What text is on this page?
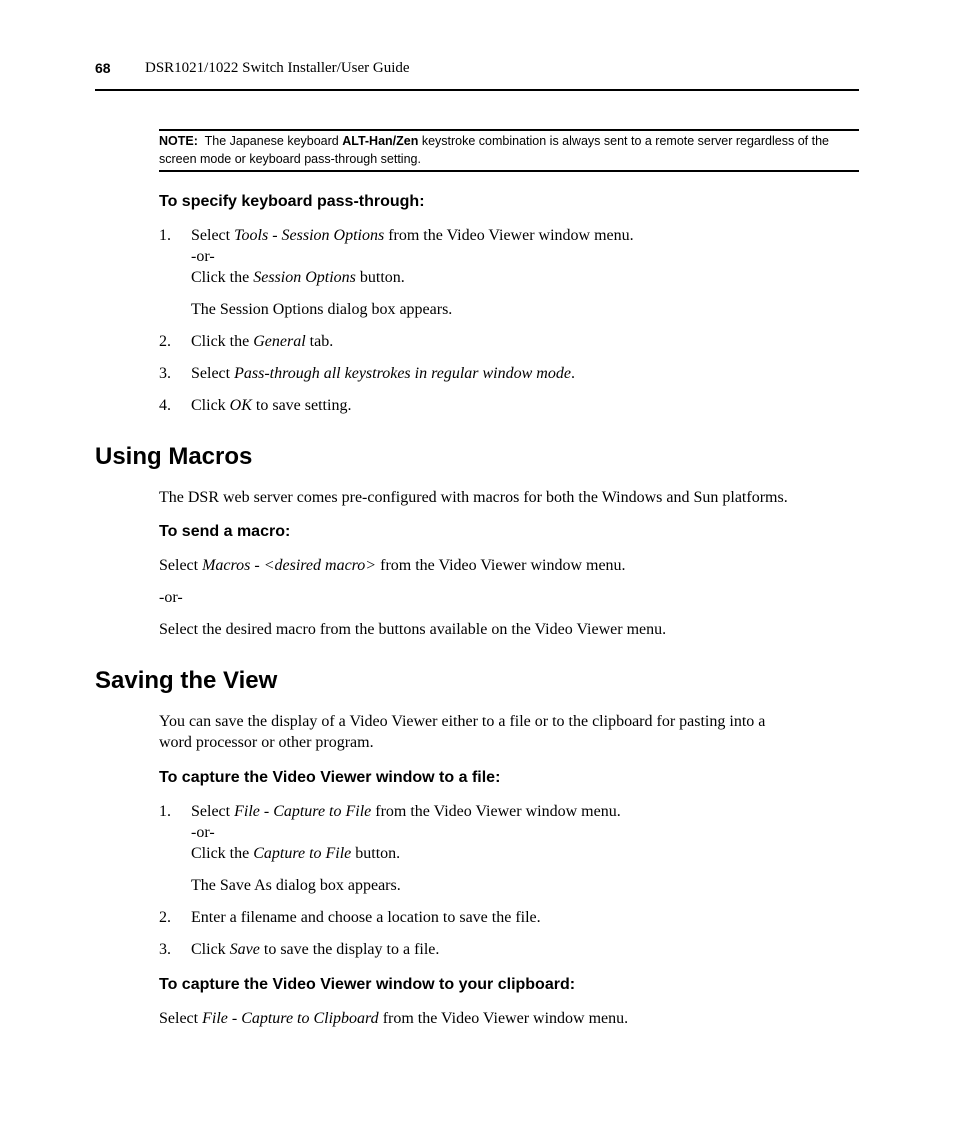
68 DSR1021/1022 Switch Installer/User Guide
NOTE: The Japanese keyboard ALT-Han/Zen keystroke combination is always sent to a remote server regardless of the screen mode or keyboard pass-through setting.
To specify keyboard pass-through:
1. Select Tools - Session Options from the Video Viewer window menu.
-or-
Click the Session Options button.
The Session Options dialog box appears.
2. Click the General tab.
3. Select Pass-through all keystrokes in regular window mode.
4. Click OK to save setting.
Using Macros
The DSR web server comes pre-configured with macros for both the Windows and Sun platforms.
To send a macro:
Select Macros - <desired macro> from the Video Viewer window menu.
-or-
Select the desired macro from the buttons available on the Video Viewer menu.
Saving the View
You can save the display of a Video Viewer either to a file or to the clipboard for pasting into a
word processor or other program.
To capture the Video Viewer window to a file:
1. Select File - Capture to File from the Video Viewer window menu.
-or-
Click the Capture to File button.
The Save As dialog box appears.
2. Enter a filename and choose a location to save the file.
3. Click Save to save the display to a file.
To capture the Video Viewer window to your clipboard:
Select File - Capture to Clipboard from the Video Viewer window menu.
